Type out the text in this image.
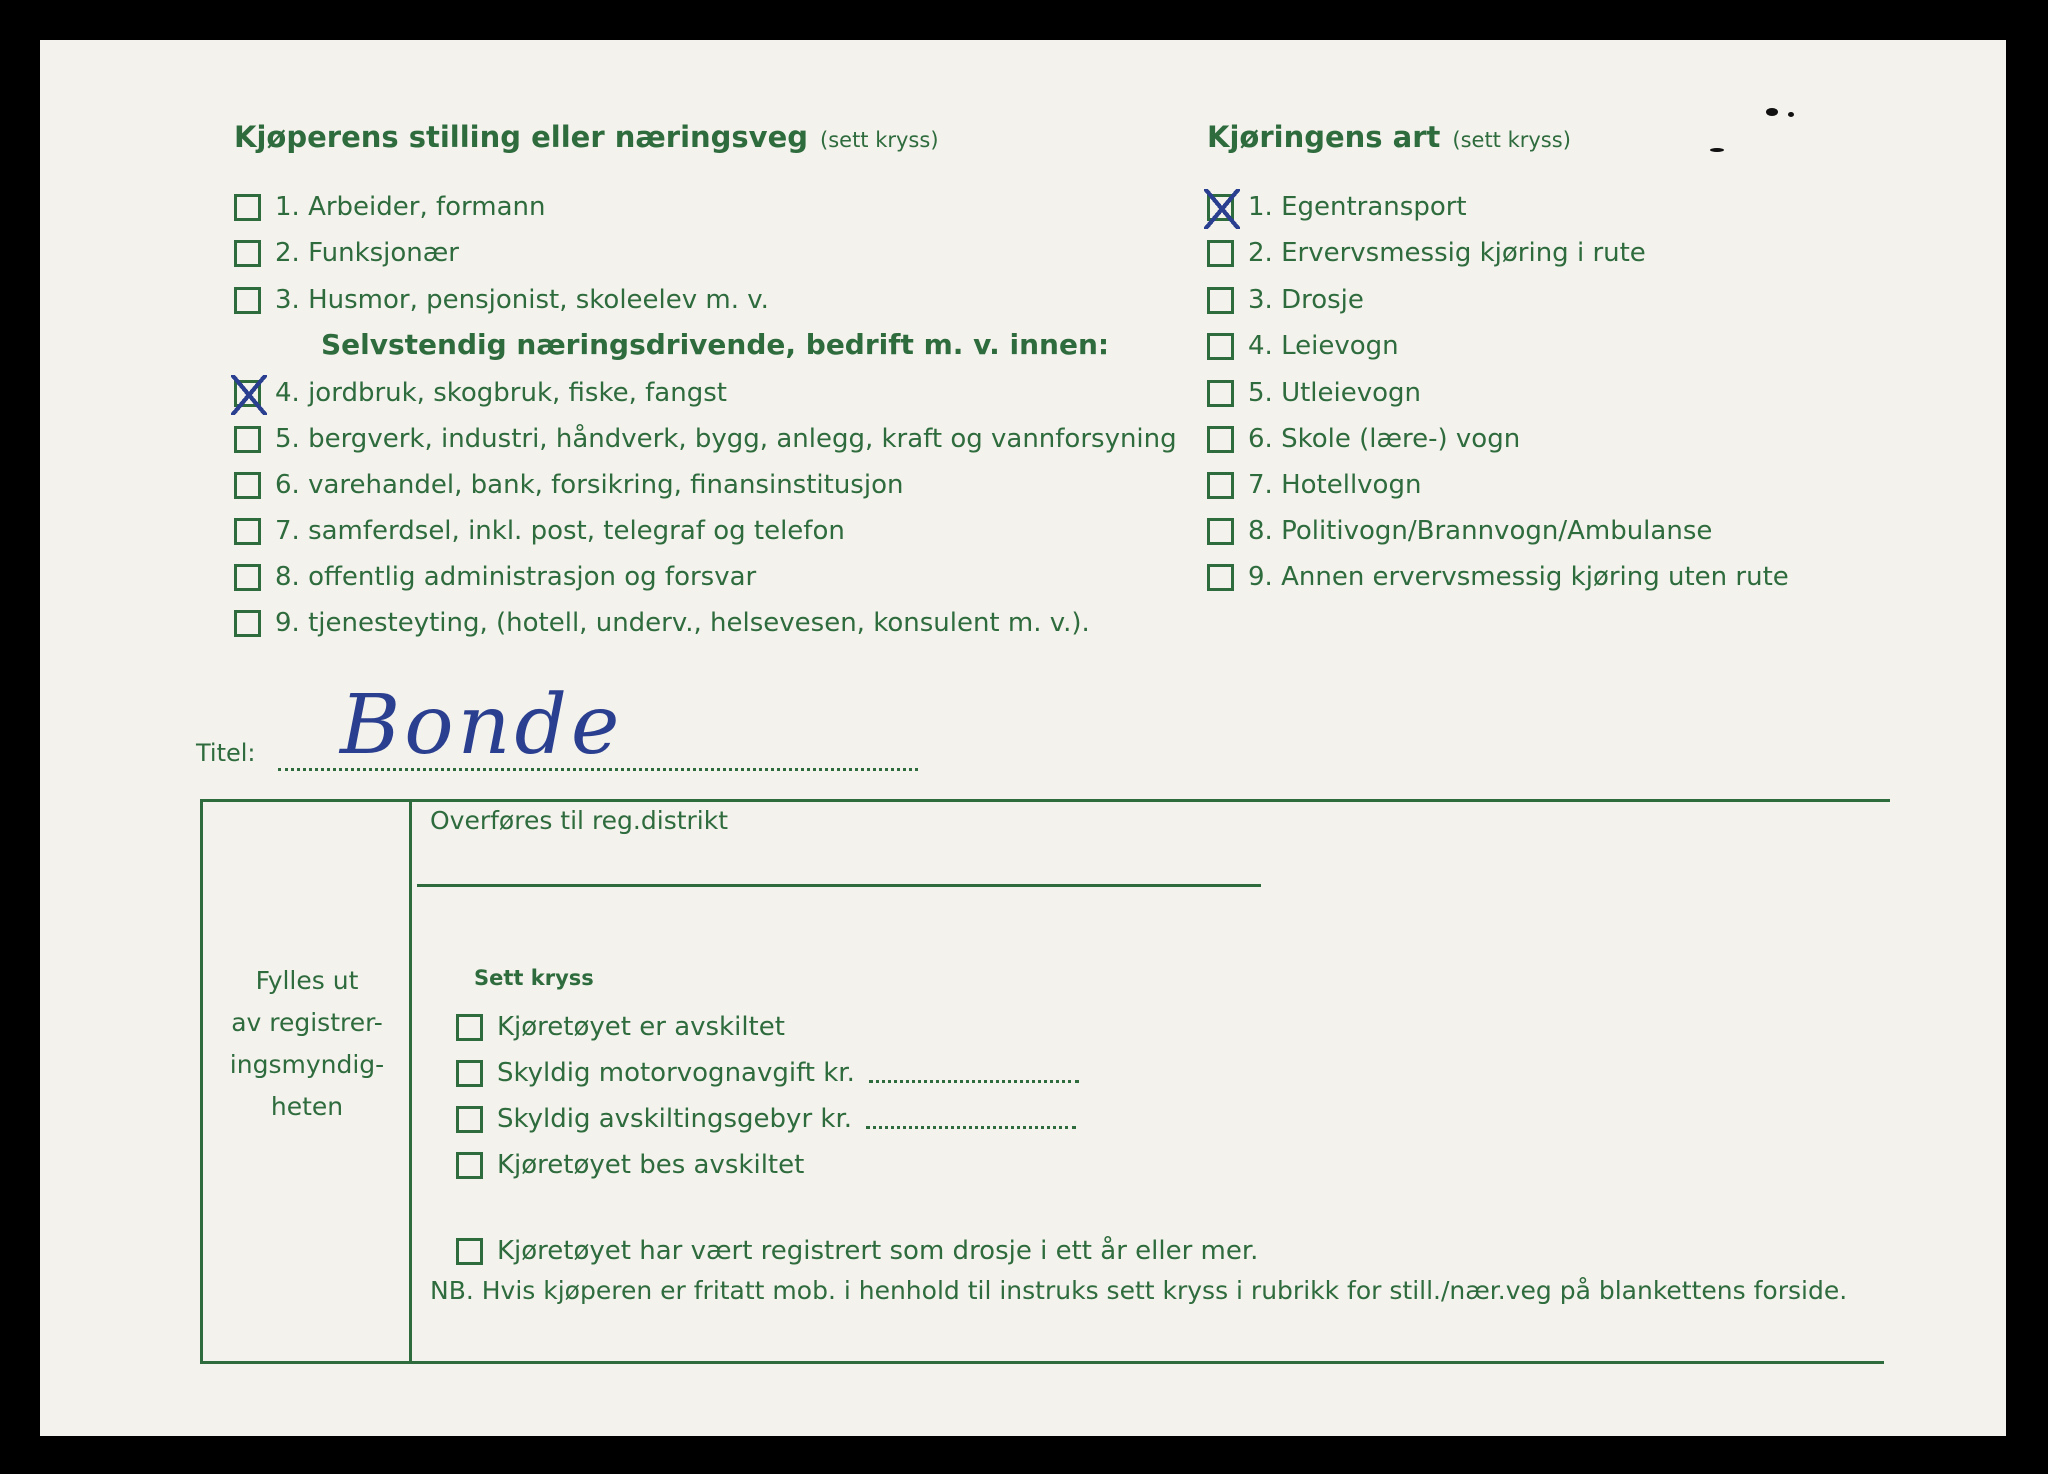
Kjøperens stilling eller næringsveg (sett kryss)
1.
Arbeider, formann
2.
Funksjonær
3.
Husmor, pensjonist, skoleelev m. v.
Selvstendig næringsdrivende, bedrift m. v. innen:
4.
jordbruk, skogbruk, fiske, fangst
5.
bergverk, industri, håndverk, bygg, anlegg, kraft og vannforsyning
6.
varehandel, bank, forsikring, finansinstitusjon
7.
samferdsel, inkl. post, telegraf og telefon
8.
offentlig administrasjon og forsvar
9.
tjenesteyting, (hotell, underv., helsevesen, konsulent m. v.).
Kjøringens art (sett kryss)
1.
Egentransport
2.
Ervervsmessig kjøring i rute
3.
Drosje
4.
Leievogn
5.
Utleievogn
6.
Skole (lære-) vogn
7.
Hotellvogn
8.
Politivogn/Brannvogn/Ambulanse
9.
Annen ervervsmessig kjøring uten rute
Titel: Bonde
Fylles ut
av registrer-
ingsmyndig-
heten
Overføres til reg.distrikt
Sett kryss
Kjøretøyet er avskiltet
Skyldig motorvognavgift kr.
Skyldig avskiltingsgebyr kr.
Kjøretøyet bes avskiltet
Kjøretøyet har vært registrert som drosje i ett år eller mer.
NB. Hvis kjøperen er fritatt mob. i henhold til instruks sett kryss i rubrikk for still./nær.veg på blankettens forside.
